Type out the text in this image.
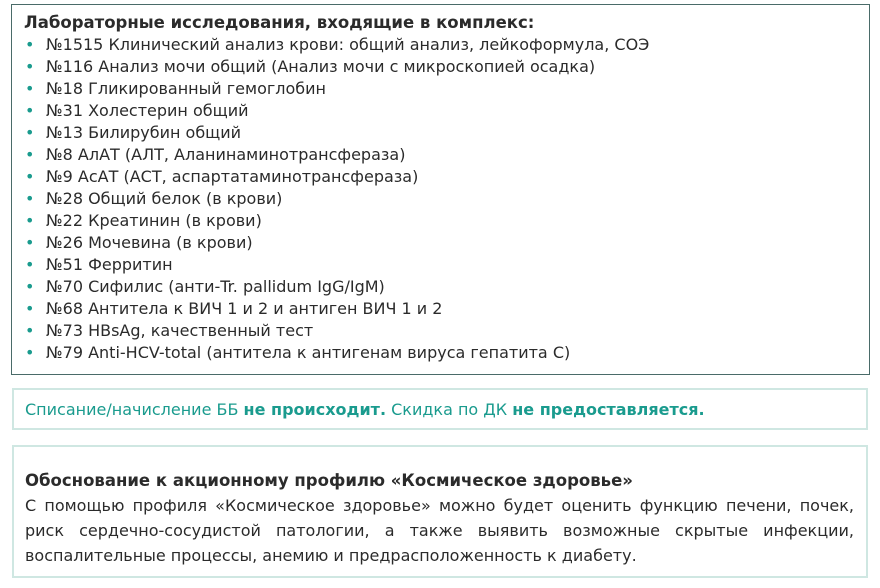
Лабораторные исследования, входящие в комплекс:

• №1515 Клинический анализ крови: общий анализ, лейкоформула, СОЭ
• №116 Анализ мочи общий (Анализ мочи с микроскопией осадка)
• №18 Гликированный гемоглобин
• №31 Холестерин общий
• №13 Билирубин общий
• №8 АлАТ (АЛТ, Аланинаминотрансфераза)
• №9 АсАТ (АСТ, аспартатаминотрансфераза)
• №28 Общий белок (в крови)
• №22 Креатинин (в крови)
• №26 Мочевина (в крови)
• №51 Ферритин
• №70 Сифилис (анти-Tr. pallidum IgG/IgM)
• №68 Антитела к ВИЧ 1 и 2 и антиген ВИЧ 1 и 2
• №73 HBsAg, качественный тест
• №79 Anti-HCV-total (антитела к антигенам вируса гепатита С)

Списание/начисление ББ не происходит. Скидка по ДК не предоставляется.

Обоснование к акционному профилю «Космическое здоровье»

С помощью профиля «Космическое здоровье» можно будет оценить функцию печени, почек, риск сердечно-сосудистой патологии, а также выявить возможные скрытые инфекции, воспалительные процессы, анемию и предрасположенность к диабету.
